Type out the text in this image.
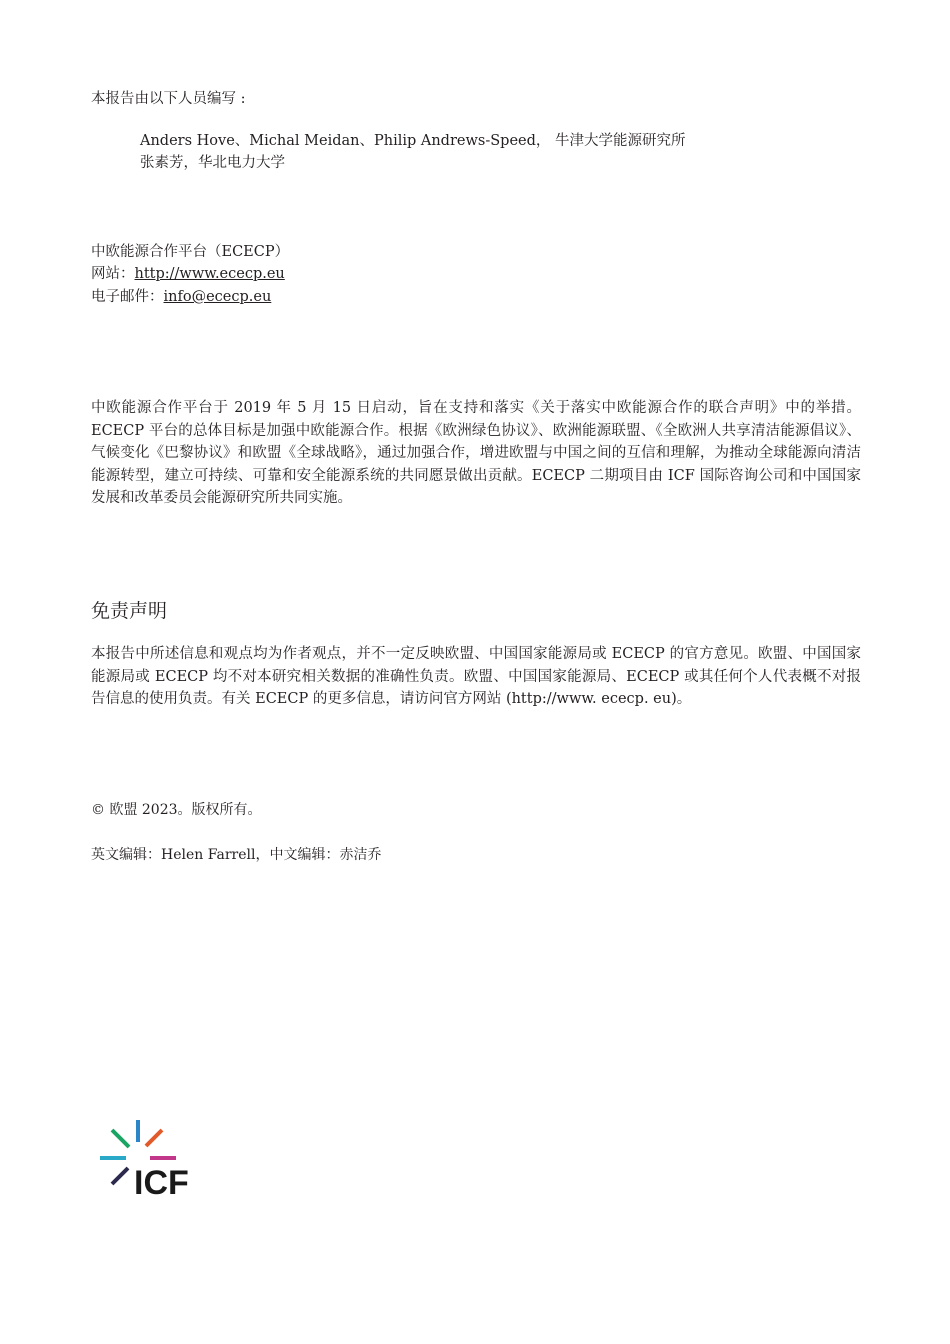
本报告由以下人员编写 :
Anders Hove、Michal Meidan、Philip Andrews-Speed， 牛津大学能源研究所
张素芳，华北电力大学
中欧能源合作平台（ECECP）
网站：http://www.ececp.eu
电子邮件：info@ececp.eu
中欧能源合作平台于 2019 年 5 月 15 日启动，旨在支持和落实《关于落实中欧能源合作的联合声明》中的举措。ECECP 平台的总体目标是加强中欧能源合作。根据《欧洲绿色协议》、欧洲能源联盟、《全欧洲人共享清洁能源倡议》、气候变化《巴黎协议》和欧盟《全球战略》，通过加强合作，增进欧盟与中国之间的互信和理解，为推动全球能源向清洁能源转型，建立可持续、可靠和安全能源系统的共同愿景做出贡献。ECECP 二期项目由 ICF 国际咨询公司和中国国家发展和改革委员会能源研究所共同实施。
免责声明
本报告中所述信息和观点均为作者观点，并不一定反映欧盟、中国国家能源局或 ECECP 的官方意见。欧盟、中国国家能源局或 ECECP 均不对本研究相关数据的准确性负责。欧盟、中国国家能源局、ECECP 或其任何个人代表概不对报告信息的使用负责。有关 ECECP 的更多信息，请访问官方网站 (http://www. ececp. eu)。
© 欧盟 2023。版权所有。
英文编辑：Helen Farrell，中文编辑：赤洁乔
ICF
